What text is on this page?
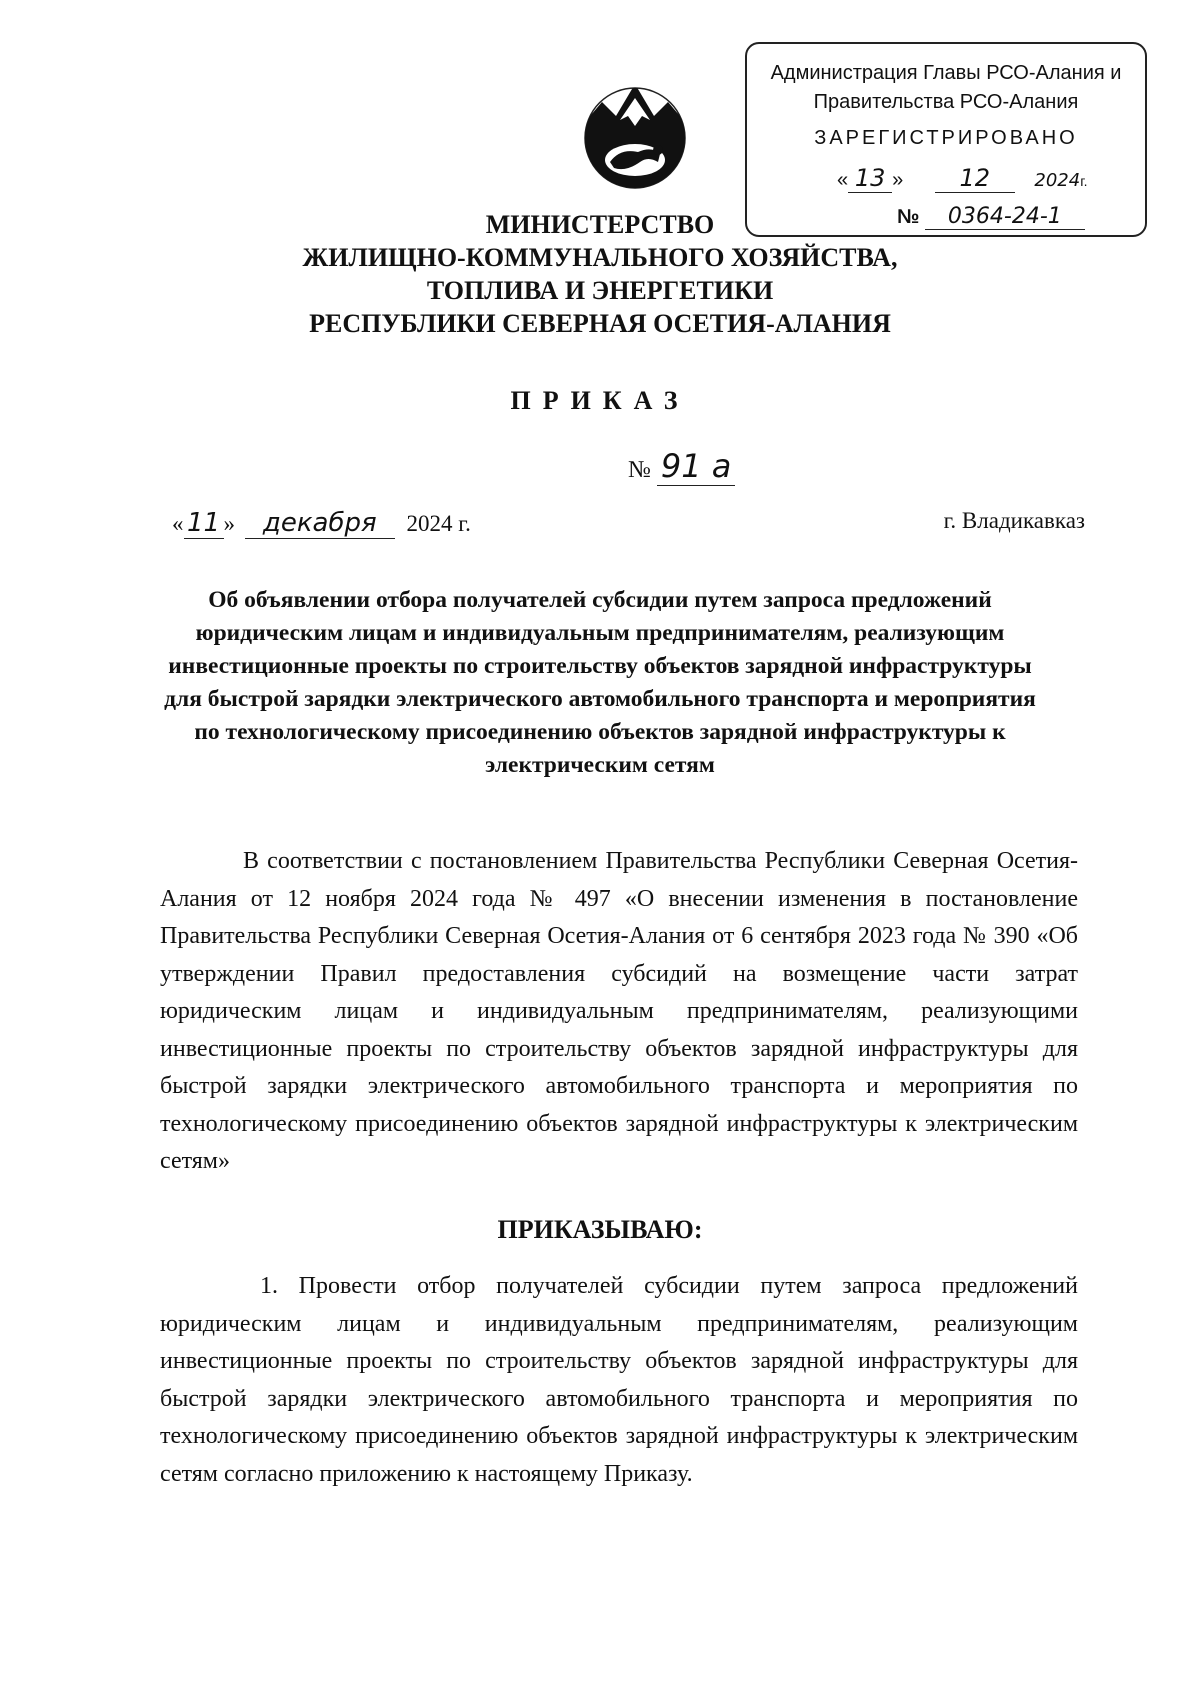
Администрация Главы РСО-Алания и
Правительства РСО-Алания
ЗАРЕГИСТРИРОВАНО
« 13 » 12 2024г.
№ 0364-24-1
МИНИСТЕРСТВО
ЖИЛИЩНО-КОММУНАЛЬНОГО ХОЗЯЙСТВА,
ТОПЛИВА И ЭНЕРГЕТИКИ
РЕСПУБЛИКИ СЕВЕРНАЯ ОСЕТИЯ-АЛАНИЯ
ПРИКАЗ
№ 91 а
« 11 » декабря 2024 г.	г. Владикавказ
Об объявлении отбора получателей субсидии путем запроса предложений юридическим лицам и индивидуальным предпринимателям, реализующим инвестиционные проекты по строительству объектов зарядной инфраструктуры для быстрой зарядки электрического автомобильного транспорта и мероприятия по технологическому присоединению объектов зарядной инфраструктуры к электрическим сетям

В соответствии с постановлением Правительства Республики Северная Осетия-Алания от 12 ноября 2024 года № 497 «О внесении изменения в постановление Правительства Республики Северная Осетия-Алания от 6 сентября 2023 года № 390 «Об утверждении Правил предоставления субсидий на возмещение части затрат юридическим лицам и индивидуальным предпринимателям, реализующими инвестиционные проекты по строительству объектов зарядной инфраструктуры для быстрой зарядки электрического автомобильного транспорта и мероприятия по технологическому присоединению объектов зарядной инфраструктуры к электрическим сетям»

ПРИКАЗЫВАЮ:

1. Провести отбор получателей субсидии путем запроса предложений юридическим лицам и индивидуальным предпринимателям, реализующим инвестиционные проекты по строительству объектов зарядной инфраструктуры для быстрой зарядки электрического автомобильного транспорта и мероприятия по технологическому присоединению объектов зарядной инфраструктуры к электрическим сетям согласно приложению к настоящему Приказу.
